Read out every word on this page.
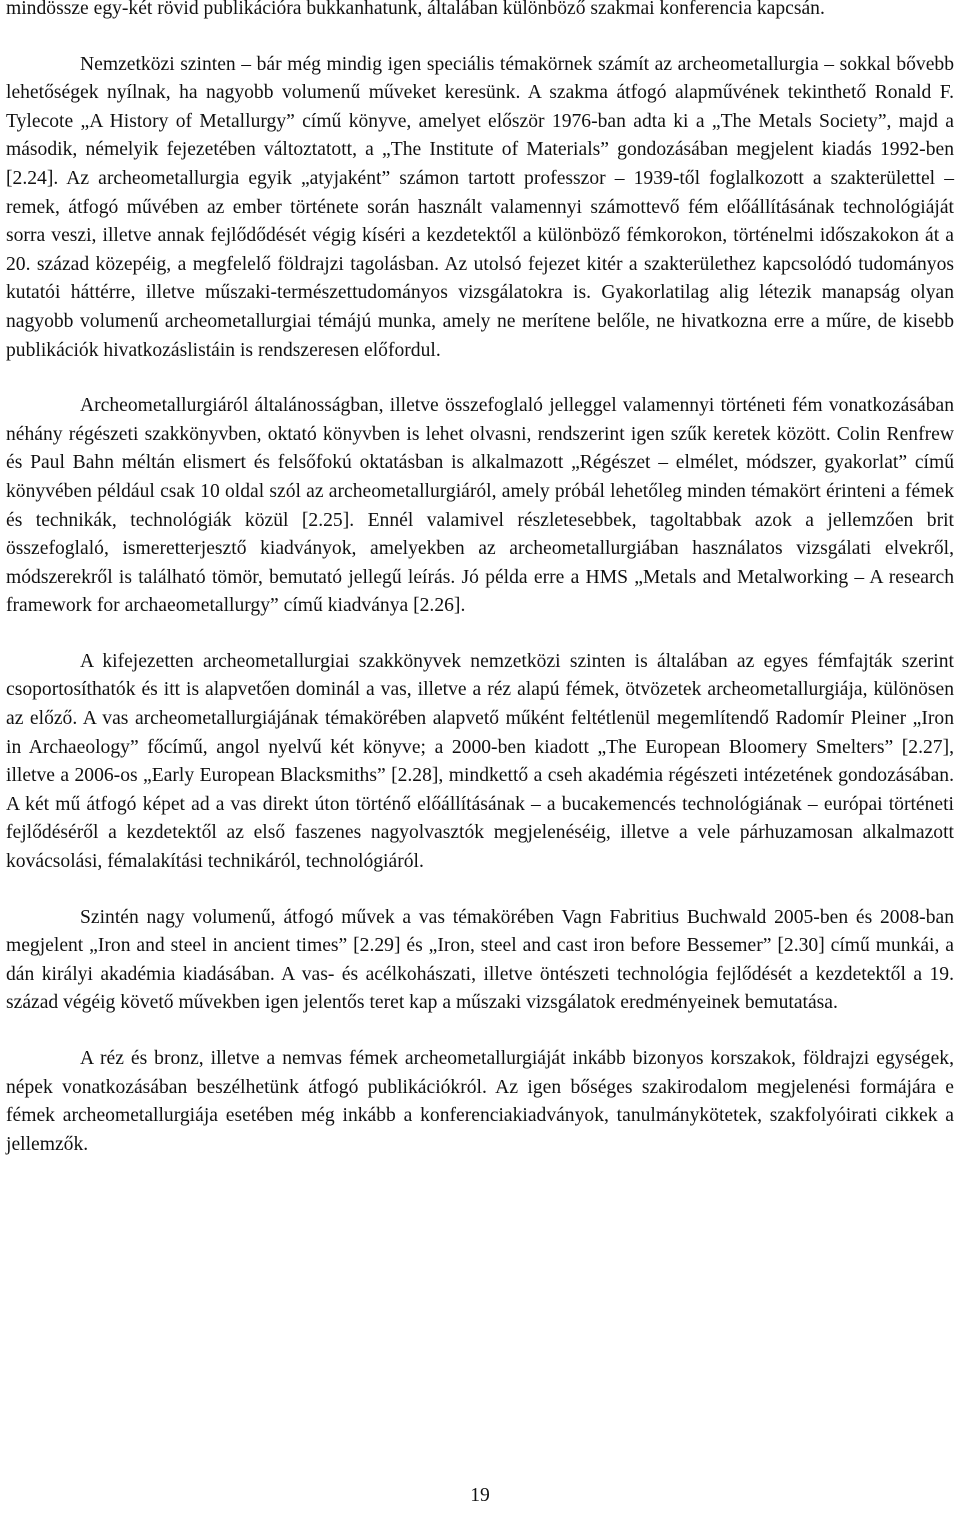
mindössze egy-két rövid publikációra bukkanhatunk, általában különböző szakmai konferencia kapcsán.

Nemzetközi szinten – bár még mindig igen speciális témakörnek számít az archeometallurgia – sokkal bővebb lehetőségek nyílnak, ha nagyobb volumenű műveket keresünk. A szakma átfogó alapművének tekinthető Ronald F. Tylecote „A History of Metallurgy” című könyve, amelyet először 1976-ban adta ki a „The Metals Society”, majd a második, némelyik fejezetében változtatott, a „The Institute of Materials” gondozásában megjelent kiadás 1992-ben [2.24]. Az archeometallurgia egyik „atyjaként” számon tartott professzor – 1939-től foglalkozott a szakterülettel – remek, átfogó művében az ember története során használt valamennyi számottevő fém előállításának technológiáját sorra veszi, illetve annak fejlődődését végig kíséri a kezdetektől a különböző fémkorokon, történelmi időszakokon át a 20. század közepéig, a megfelelő földrajzi tagolásban. Az utolsó fejezet kitér a szakterülethez kapcsolódó tudományos kutatói háttérre, illetve műszaki-természettudományos vizsgálatokra is. Gyakorlatilag alig létezik manapság olyan nagyobb volumenű archeometallurgiai témájú munka, amely ne merítene belőle, ne hivatkozna erre a műre, de kisebb publikációk hivatkozáslistáin is rendszeresen előfordul.

Archeometallurgiáról általánosságban, illetve összefoglaló jelleggel valamennyi történeti fém vonatkozásában néhány régészeti szakkönyvben, oktató könyvben is lehet olvasni, rendszerint igen szűk keretek között. Colin Renfrew és Paul Bahn méltán elismert és felsőfokú oktatásban is alkalmazott „Régészet – elmélet, módszer, gyakorlat” című könyvében például csak 10 oldal szól az archeometallurgiáról, amely próbál lehetőleg minden témakört érinteni a fémek és technikák, technológiák közül [2.25]. Ennél valamivel részletesebbek, tagoltabbak azok a jellemzően brit összefoglaló, ismeretterjesztő kiadványok, amelyekben az archeometallurgiában használatos vizsgálati elvekről, módszerekről is található tömör, bemutató jellegű leírás. Jó példa erre a HMS „Metals and Metalworking – A research framework for archaeometallurgy” című kiadványa [2.26].

A kifejezetten archeometallurgiai szakkönyvek nemzetközi szinten is általában az egyes fémfajták szerint csoportosíthatók és itt is alapvetően dominál a vas, illetve a réz alapú fémek, ötvözetek archeometallurgiája, különösen az előző. A vas archeometallurgiájának témakörében alapvető műként feltétlenül megemlítendő Radomír Pleiner „Iron in Archaeology” főcímű, angol nyelvű két könyve; a 2000-ben kiadott „The European Bloomery Smelters” [2.27], illetve a 2006-os „Early European Blacksmiths” [2.28], mindkettő a cseh akadémia régészeti intézetének gondozásában. A két mű átfogó képet ad a vas direkt úton történő előállításának – a bucakemencés technológiának – európai történeti fejlődéséről a kezdetektől az első faszenes nagyolvasztók megjelenéséig, illetve a vele párhuzamosan alkalmazott kovácsolási, fémalakítási technikáról, technológiáról.

Szintén nagy volumenű, átfogó művek a vas témakörében Vagn Fabritius Buchwald 2005-ben és 2008-ban megjelent „Iron and steel in ancient times” [2.29] és „Iron, steel and cast iron before Bessemer” [2.30] című munkái, a dán királyi akadémia kiadásában. A vas- és acélkohászati, illetve öntészeti technológia fejlődését a kezdetektől a 19. század végéig követő művekben igen jelentős teret kap a műszaki vizsgálatok eredményeinek bemutatása.

A réz és bronz, illetve a nemvas fémek archeometallurgiáját inkább bizonyos korszakok, földrajzi egységek, népek vonatkozásában beszélhetünk átfogó publikációkról. Az igen bőséges szakirodalom megjelenési formájára e fémek archeometallurgiája esetében még inkább a konferenciakiadványok, tanulmánykötetek, szakfolyóirati cikkek a jellemzők.

19
